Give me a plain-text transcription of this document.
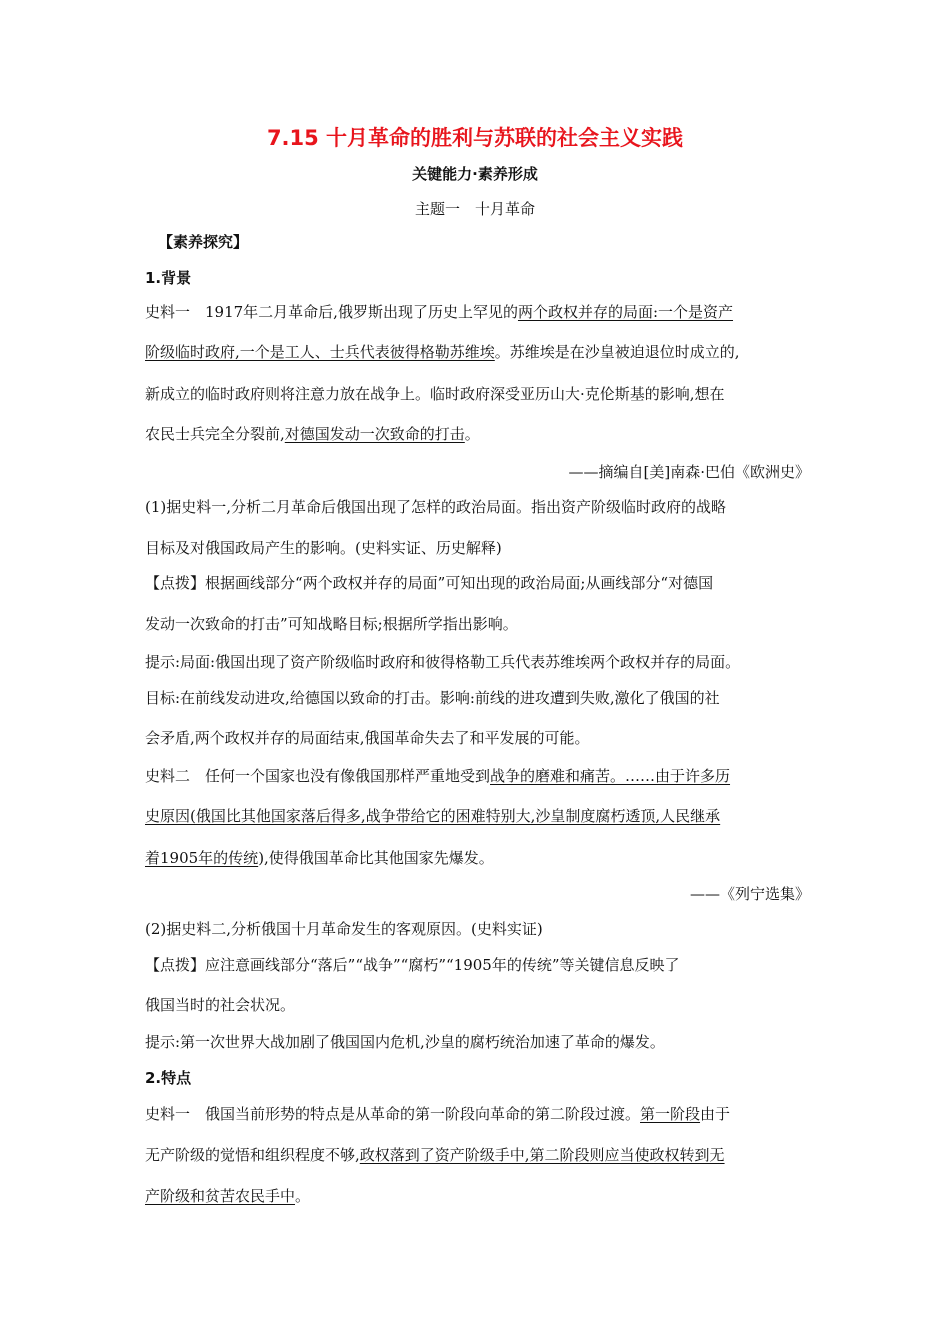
7.15 十月革命的胜利与苏联的社会主义实践
关键能力·素养形成
主题一　十月革命
【素养探究】
1.背景
史料一　1917年二月革命后,俄罗斯出现了历史上罕见的两个政权并存的局面:一个是资产
阶级临时政府,一个是工人、士兵代表彼得格勒苏维埃。苏维埃是在沙皇被迫退位时成立的,
新成立的临时政府则将注意力放在战争上。临时政府深受亚历山大·克伦斯基的影响,想在
农民士兵完全分裂前,对德国发动一次致命的打击。
——摘编自[美]南森·巴伯《欧洲史》
(1)据史料一,分析二月革命后俄国出现了怎样的政治局面。指出资产阶级临时政府的战略
目标及对俄国政局产生的影响。(史料实证、历史解释)
【点拨】根据画线部分“两个政权并存的局面”可知出现的政治局面;从画线部分“对德国
发动一次致命的打击”可知战略目标;根据所学指出影响。
提示:局面:俄国出现了资产阶级临时政府和彼得格勒工兵代表苏维埃两个政权并存的局面。
目标:在前线发动进攻,给德国以致命的打击。影响:前线的进攻遭到失败,激化了俄国的社
会矛盾,两个政权并存的局面结束,俄国革命失去了和平发展的可能。
史料二　任何一个国家也没有像俄国那样严重地受到战争的磨难和痛苦。……由于许多历
史原因(俄国比其他国家落后得多,战争带给它的困难特别大,沙皇制度腐朽透顶,人民继承
着1905年的传统),使得俄国革命比其他国家先爆发。
——《列宁选集》
(2)据史料二,分析俄国十月革命发生的客观原因。(史料实证)
【点拨】应注意画线部分“落后”“战争”“腐朽”“1905年的传统”等关键信息反映了
俄国当时的社会状况。
提示:第一次世界大战加剧了俄国国内危机,沙皇的腐朽统治加速了革命的爆发。
2.特点
史料一　俄国当前形势的特点是从革命的第一阶段向革命的第二阶段过渡。第一阶段由于
无产阶级的觉悟和组织程度不够,政权落到了资产阶级手中,第二阶段则应当使政权转到无
产阶级和贫苦农民手中。
